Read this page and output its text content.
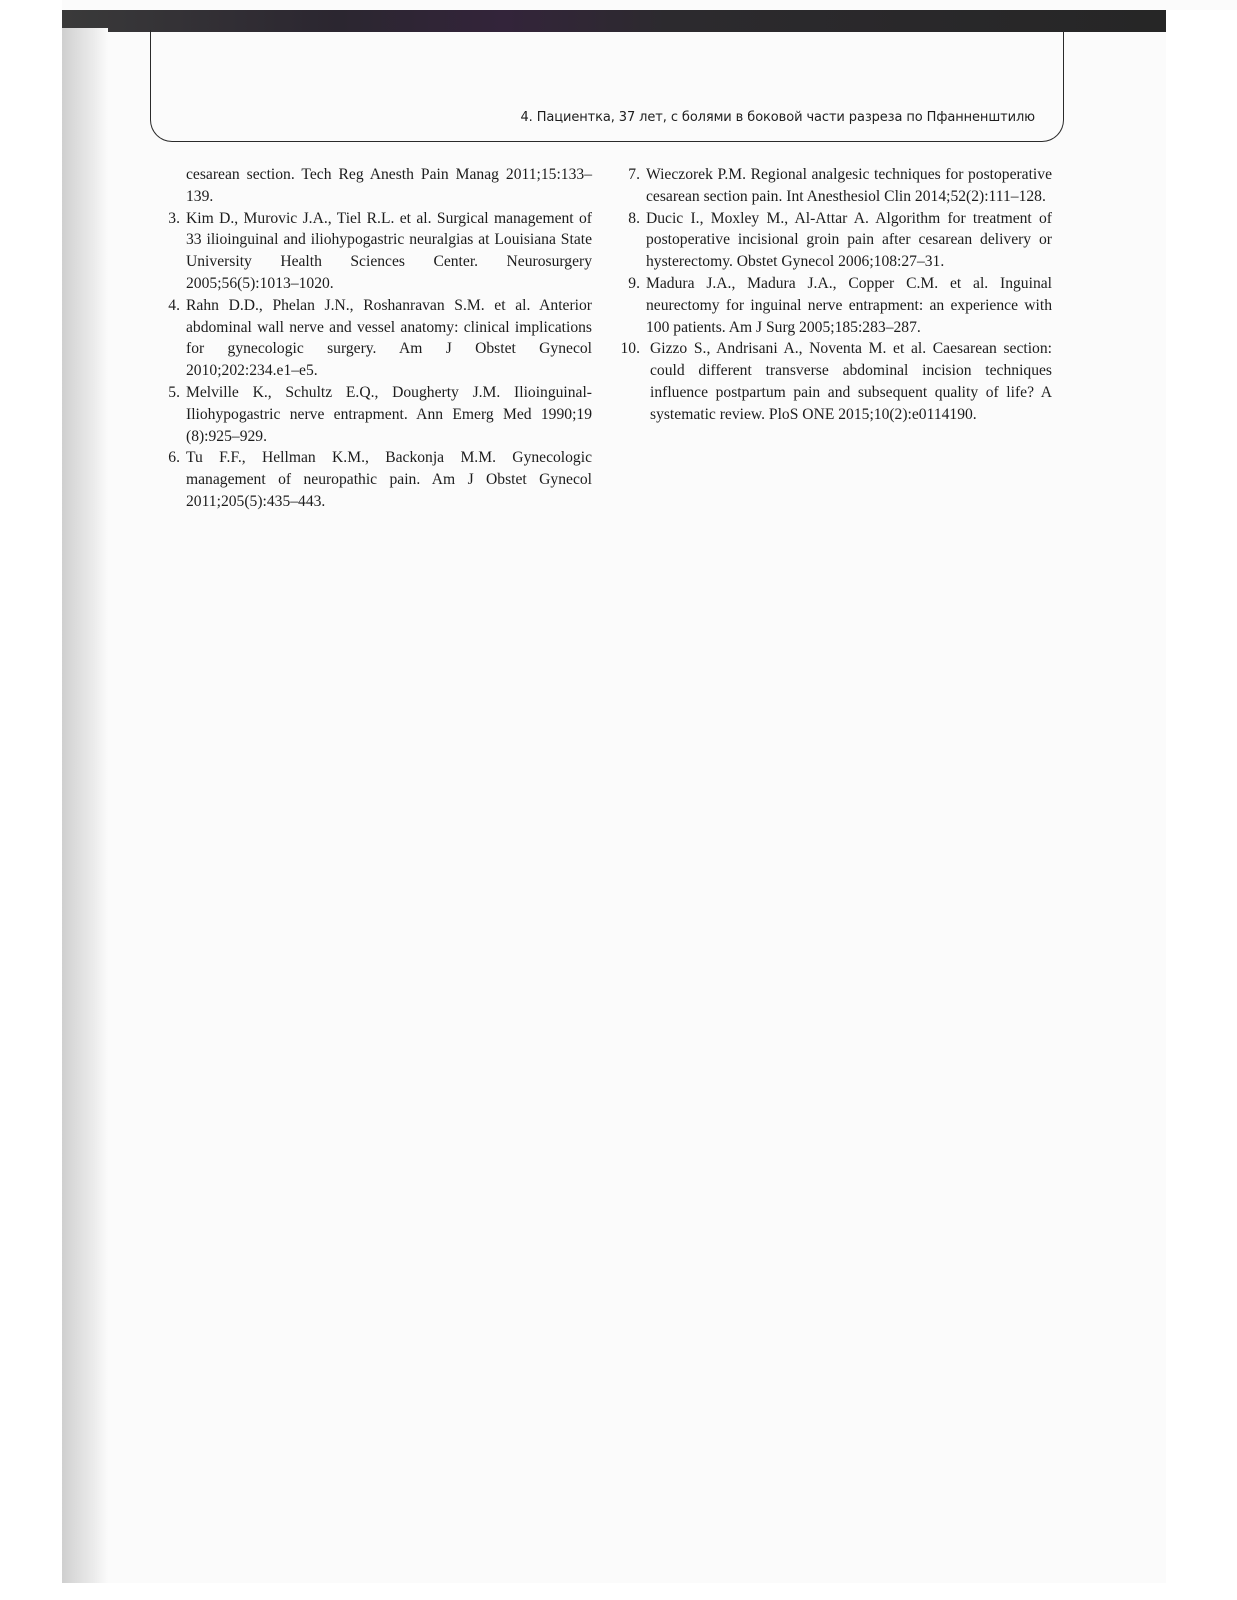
4. Пациентка, 37 лет, с болями в боковой части разреза по Пфанненштилю

cesarean section. Tech Reg Anesth Pain Manag 2011;15:133–139.

3. Kim D., Murovic J.A., Tiel R.L. et al. Surgical management of 33 ilioinguinal and iliohypogastric neuralgias at Louisiana State University Health Sciences Center. Neurosurgery 2005;56(5):1013–1020.
4. Rahn D.D., Phelan J.N., Roshanravan S.M. et al. Anterior abdominal wall nerve and vessel anatomy: clinical implications for gynecologic surgery. Am J Obstet Gynecol 2010;202:234.e1–e5.
5. Melville K., Schultz E.Q., Dougherty J.M. Ilioinguinal-Iliohypogastric nerve entrapment. Ann Emerg Med 1990;19 (8):925–929.
6. Tu F.F., Hellman K.M., Backonja M.M. Gynecologic management of neuropathic pain. Am J Obstet Gynecol 2011;205(5):435–443.
7. Wieczorek P.M. Regional analgesic techniques for postoperative cesarean section pain. Int Anesthesiol Clin 2014;52(2):111–128.
8. Ducic I., Moxley M., Al-Attar A. Algorithm for treatment of postoperative incisional groin pain after cesarean delivery or hysterectomy. Obstet Gynecol 2006;108:27–31.
9. Madura J.A., Madura J.A., Copper C.M. et al. Inguinal neurectomy for inguinal nerve entrapment: an experience with 100 patients. Am J Surg 2005;185:283–287.
10. Gizzo S., Andrisani A., Noventa M. et al. Caesarean section: could different transverse abdominal incision techniques influence postpartum pain and subsequent quality of life? A systematic review. PloS ONE 2015;10(2):e0114190.
